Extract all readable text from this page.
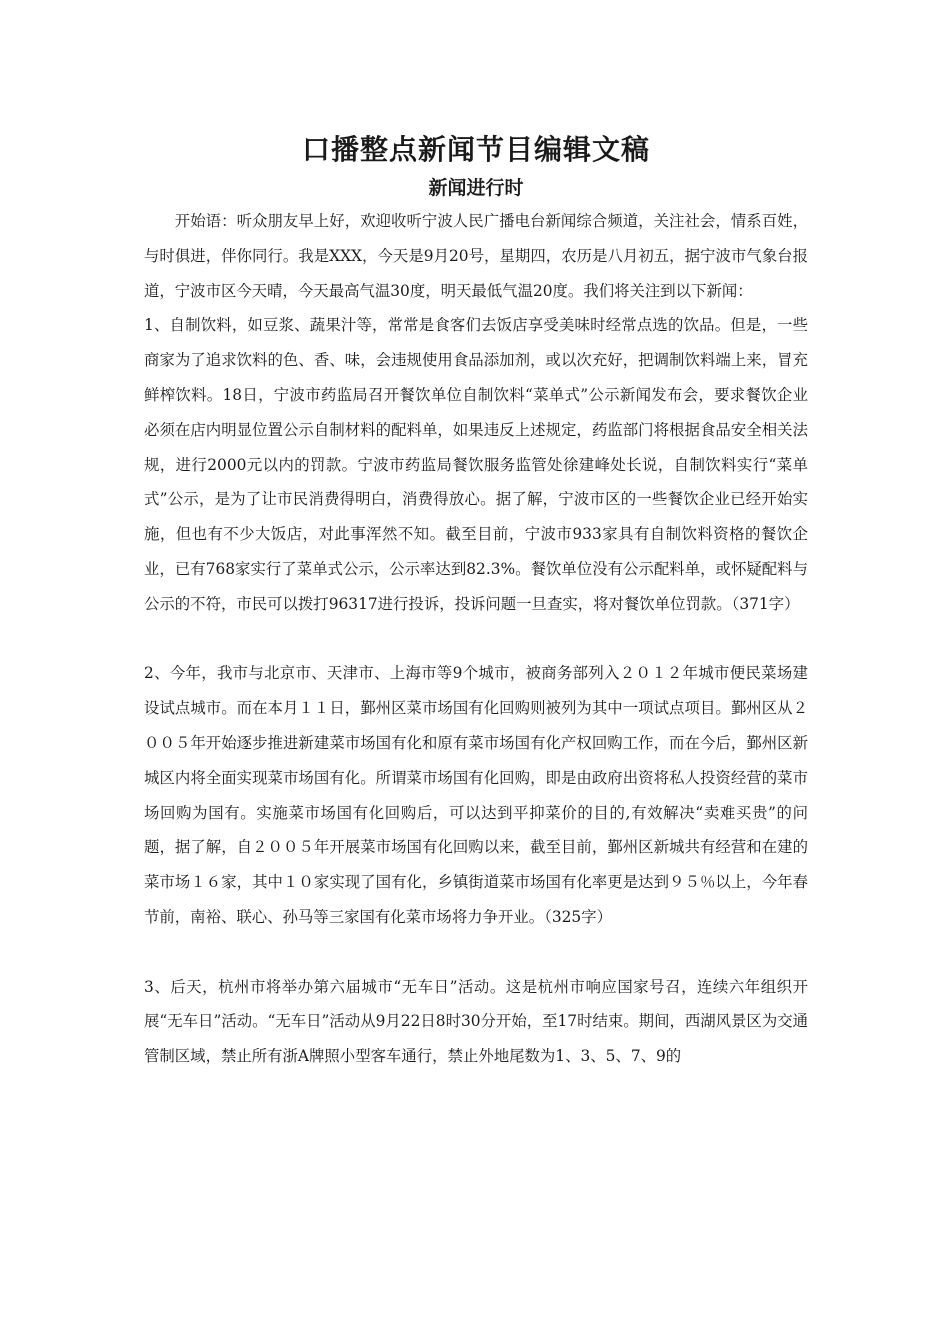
口播整点新闻节目编辑文稿
新闻进行时

开始语：听众朋友早上好，欢迎收听宁波人民广播电台新闻综合频道，关注社会，情系百姓，与时俱进，伴你同行。我是XXX，今天是9月20号，星期四，农历是八月初五，据宁波市气象台报道，宁波市区今天晴，今天最高气温30度，明天最低气温20度。我们将关注到以下新闻：

1、自制饮料，如豆浆、蔬果汁等，常常是食客们去饭店享受美味时经常点选的饮品。但是，一些商家为了追求饮料的色、香、味，会违规使用食品添加剂，或以次充好，把调制饮料端上来，冒充鲜榨饮料。18日，宁波市药监局召开餐饮单位自制饮料“菜单式”公示新闻发布会，要求餐饮企业必须在店内明显位置公示自制材料的配料单，如果违反上述规定，药监部门将根据食品安全相关法规，进行2000元以内的罚款。宁波市药监局餐饮服务监管处徐建峰处长说，自制饮料实行“菜单式”公示，是为了让市民消费得明白，消费得放心。据了解，宁波市区的一些餐饮企业已经开始实施，但也有不少大饭店，对此事浑然不知。截至目前，宁波市933家具有自制饮料资格的餐饮企业，已有768家实行了菜单式公示，公示率达到82.3%。餐饮单位没有公示配料单，或怀疑配料与公示的不符，市民可以拨打96317进行投诉，投诉问题一旦查实，将对餐饮单位罚款。（371字）

2、今年，我市与北京市、天津市、上海市等9个城市，被商务部列入２０１２年城市便民菜场建设试点城市。而在本月１１日，鄞州区菜市场国有化回购则被列为其中一项试点项目。鄞州区从２００５年开始逐步推进新建菜市场国有化和原有菜市场国有化产权回购工作，而在今后，鄞州区新城区内将全面实现菜市场国有化。所谓菜市场国有化回购，即是由政府出资将私人投资经营的菜市场回购为国有。实施菜市场国有化回购后，可以达到平抑菜价的目的,有效解决“卖难买贵”的问题，据了解，自２００５年开展菜市场国有化回购以来，截至目前，鄞州区新城共有经营和在建的菜市场１６家，其中１０家实现了国有化，乡镇街道菜市场国有化率更是达到９５％以上，今年春节前，南裕、联心、孙马等三家国有化菜市场将力争开业。（325字）

3、后天，杭州市将举办第六届城市“无车日”活动。这是杭州市响应国家号召，连续六年组织开展“无车日”活动。“无车日”活动从9月22日8时30分开始，至17时结束。期间，西湖风景区为交通管制区域，禁止所有浙A牌照小型客车通行，禁止外地尾数为1、3、5、7、9的
